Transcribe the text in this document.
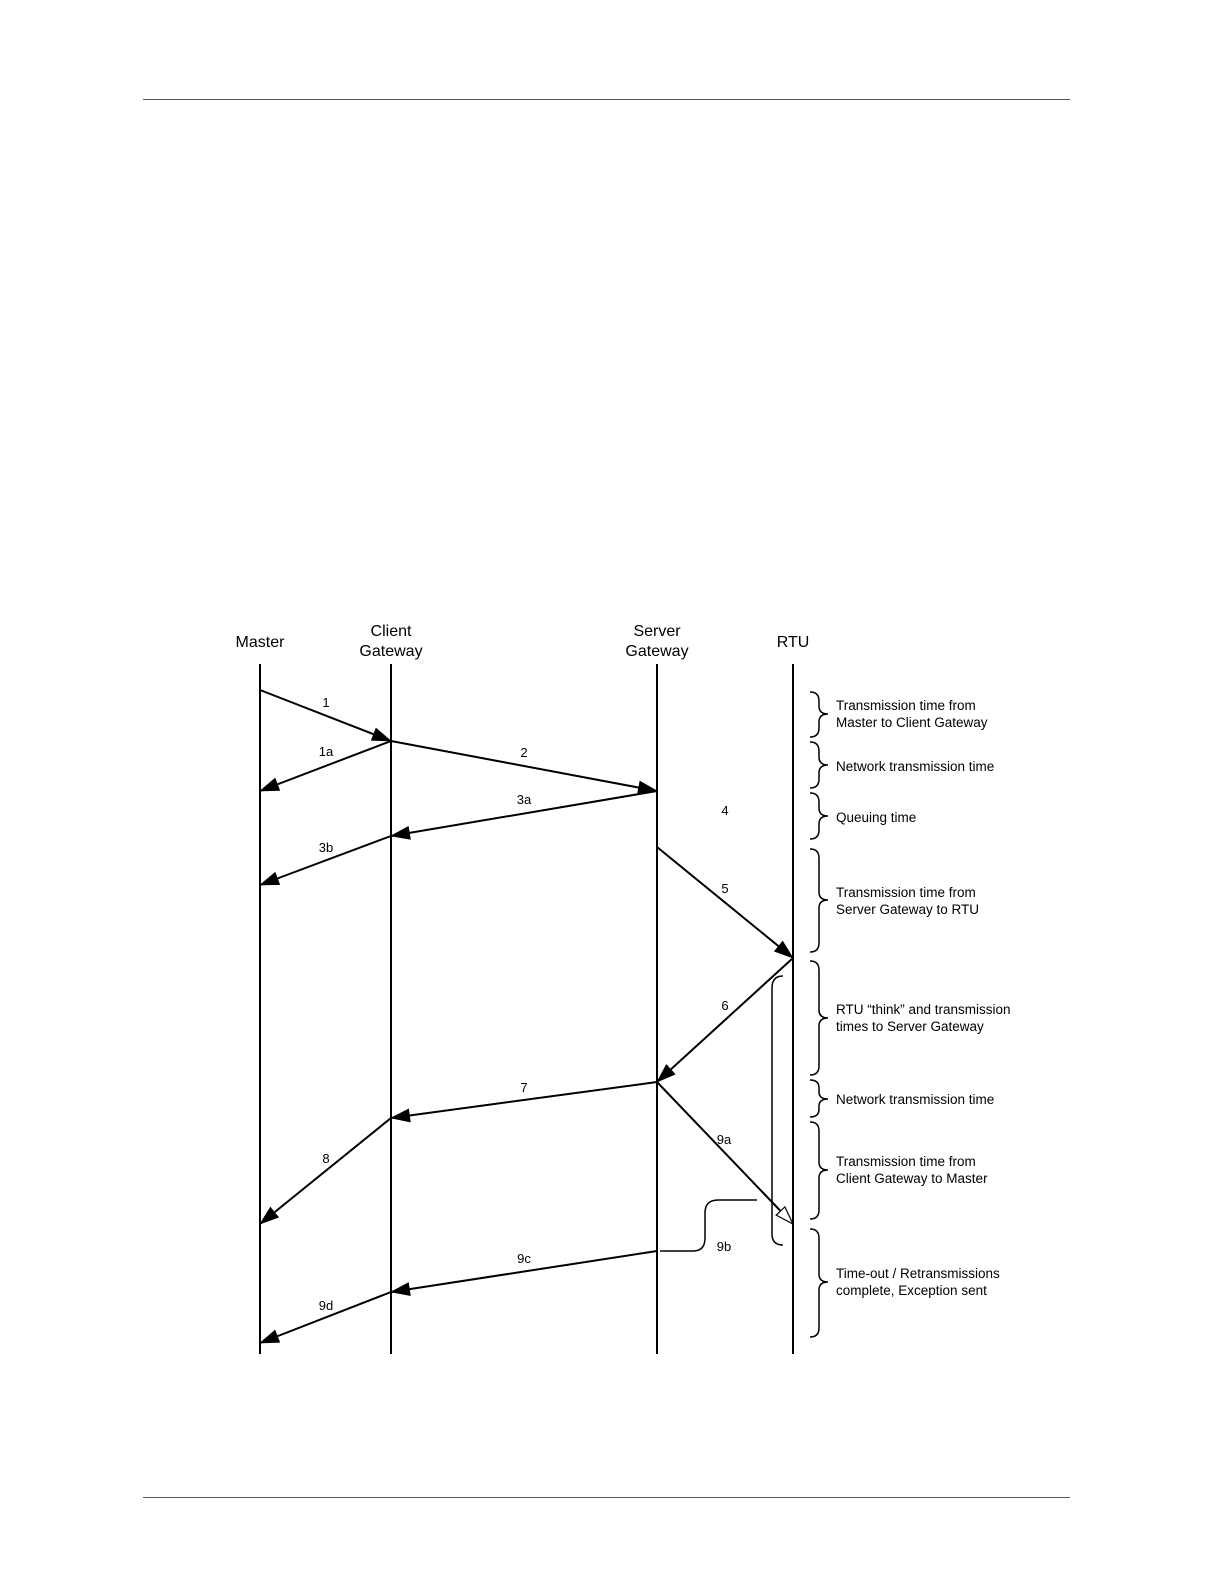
Master
Client
Gateway
Server
Gateway
RTU
1
1a	2
3a
3b
4
5
6
7
8
9a
9b
9c
9d
Transmission time from
Master to Client Gateway
Network transmission time
Queuing time
Transmission time from
Server Gateway to RTU
RTU “think” and transmission
times to Server Gateway
Network transmission time
Transmission time from
Client Gateway to Master
Time-out / Retransmissions
complete, Exception sent
